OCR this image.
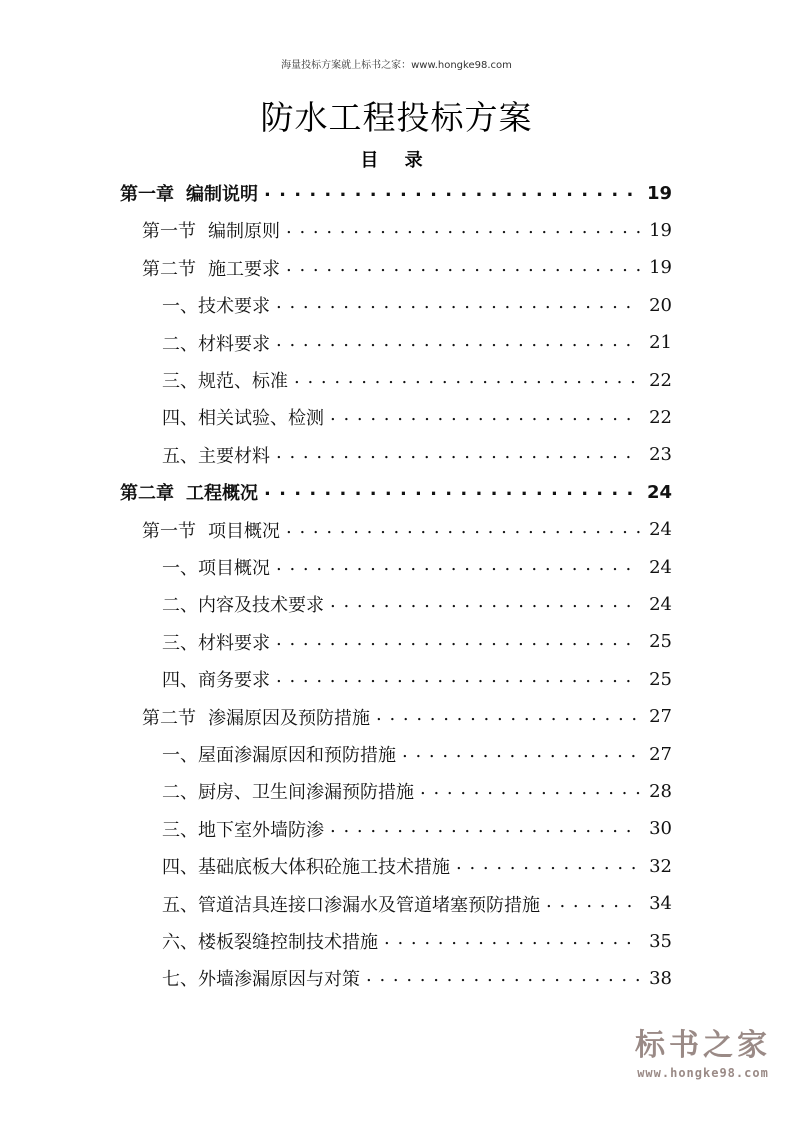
海量投标方案就上标书之家：www.hongke98.com
防水工程投标方案
目 录
第一章 编制说明 . . .	19
第一节 编制原则 . . .	19
第二节 施工要求 . . .	19
一、技术要求 . . .	20
二、材料要求 . . .	21
三、规范、标准 . . .	22
四、相关试验、检测 . . .	22
五、主要材料 . . .	23
第二章 工程概况 . . .	24
第一节 项目概况 . . .	24
一、项目概况 . . .	24
二、内容及技术要求 . . .	24
三、材料要求 . . .	25
四、商务要求 . . .	25
第二节 渗漏原因及预防措施 . . .	27
一、屋面渗漏原因和预防措施 . . .	27
二、厨房、卫生间渗漏预防措施 . . .	28
三、地下室外墙防渗 . . .	30
四、基础底板大体积砼施工技术措施 . . .	32
五、管道洁具连接口渗漏水及管道堵塞预防措施 . . .	34
六、楼板裂缝控制技术措施 . . .	35
七、外墙渗漏原因与对策 . . .	38
标书之家
www.hongke98.com
